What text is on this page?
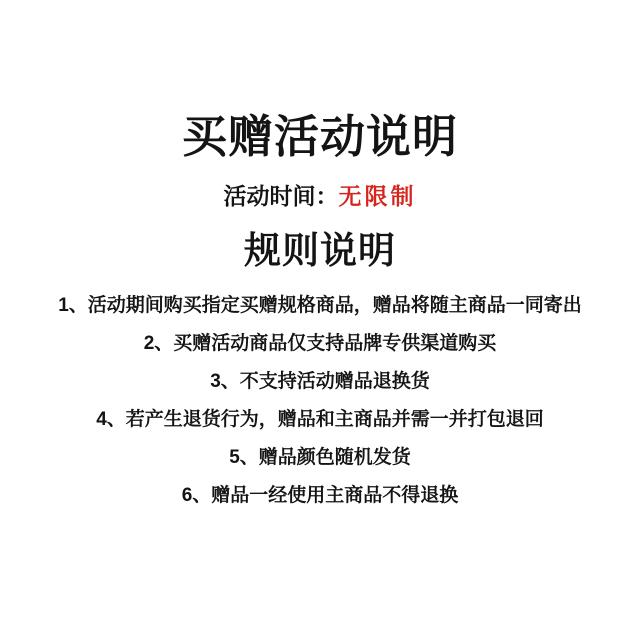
买赠活动说明

活动时间：无限制

规则说明

1、活动期间购买指定买赠规格商品，赠品将随主商品一同寄出

2、买赠活动商品仅支持品牌专供渠道购买

3、不支持活动赠品退换货

4、若产生退货行为，赠品和主商品并需一并打包退回

5、赠品颜色随机发货

6、赠品一经使用主商品不得退换
